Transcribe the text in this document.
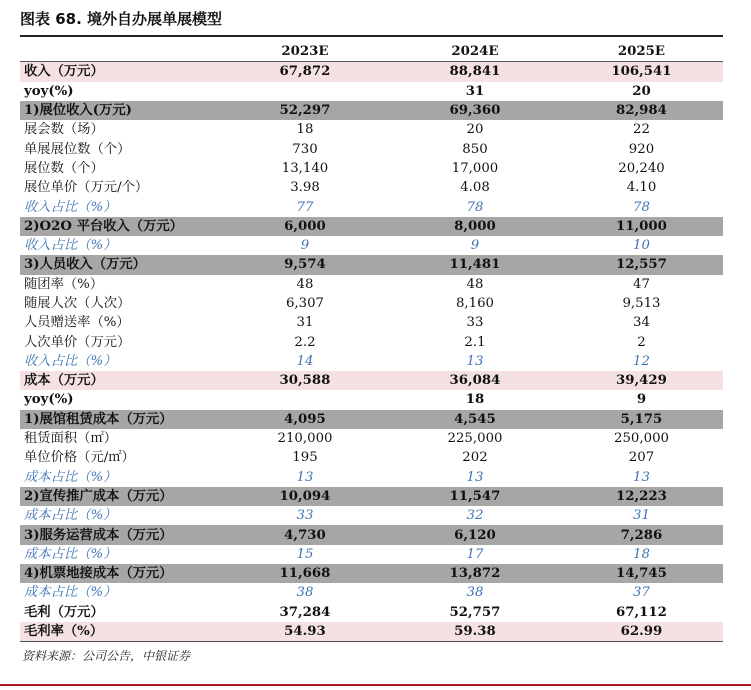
图表 68. 境外自办展单展模型
	2023E	2024E	2025E
收入（万元）	67,872	88,841	106,541
yoy(%)		31	20
1)展位收入(万元)	52,297	69,360	82,984
展会数（场）	18	20	22
单展展位数（个）	730	850	920
展位数（个）	13,140	17,000	20,240
展位单价（万元/个）	3.98	4.08	4.10
收入占比（%）	77	78	78
2)O2O 平台收入（万元）	6,000	8,000	11,000
收入占比（%）	9	9	10
3)人员收入（万元）	9,574	11,481	12,557
随团率（%）	48	48	47
随展人次（人次）	6,307	8,160	9,513
人员赠送率（%）	31	33	34
人次单价（万元）	2.2	2.1	2
收入占比（%）	14	13	12
成本（万元）	30,588	36,084	39,429
yoy(%)		18	9
1)展馆租赁成本（万元）	4,095	4,545	5,175
租赁面积（㎡）	210,000	225,000	250,000
单位价格（元/㎡）	195	202	207
成本占比（%）	13	13	13
2)宣传推广成本（万元）	10,094	11,547	12,223
成本占比（%）	33	32	31
3)服务运营成本（万元）	4,730	6,120	7,286
成本占比（%）	15	17	18
4)机票地接成本（万元）	11,668	13,872	14,745
成本占比（%）	38	38	37
毛利（万元）	37,284	52,757	67,112
毛利率（%）	54.93	59.38	62.99
资料来源：公司公告，中银证券
